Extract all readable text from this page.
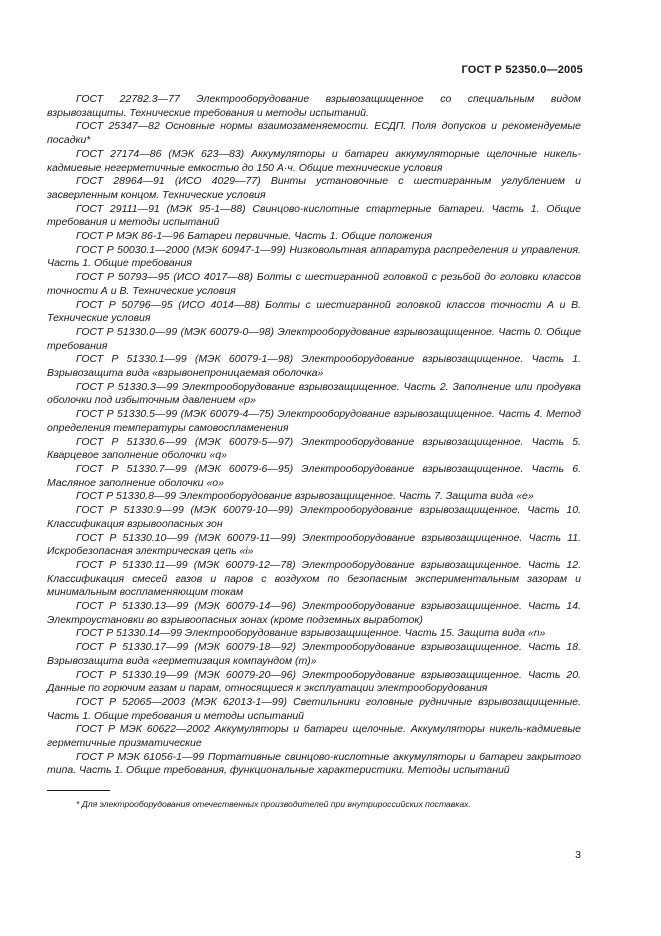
ГОСТ Р 52350.0—2005

ГОСТ 22782.3—77 Электрооборудование взрывозащищенное со специальным видом взрывозащиты. Технические требования и методы испытаний.

ГОСТ 25347—82 Основные нормы взаимозаменяемости. ЕСДП. Поля допусков и рекомендуемые посадки*

ГОСТ 27174—86 (МЭК 623—83) Аккумуляторы и батареи аккумуляторные щелочные никель-кадмиевые негерметичные емкостью до 150 А·ч. Общие технические условия

ГОСТ 28964—91 (ИСО 4029—77) Винты установочные с шестигранным углублением и засверленным концом. Технические условия

ГОСТ 29111—91 (МЭК 95-1—88) Свинцово-кислотные стартерные батареи. Часть 1. Общие требования и методы испытаний

ГОСТ Р МЭК 86-1—96 Батареи первичные. Часть 1. Общие положения

ГОСТ Р 50030.1—2000 (МЭК 60947-1—99) Низковольтная аппаратура распределения и управления. Часть 1. Общие требования

ГОСТ Р 50793—95 (ИСО 4017—88) Болты с шестигранной головкой с резьбой до головки классов точности А и В. Технические условия

ГОСТ Р 50796—95 (ИСО 4014—88) Болты с шестигранной головкой классов точности А и В. Технические условия

ГОСТ Р 51330.0—99 (МЭК 60079-0—98) Электрооборудование взрывозащищенное. Часть 0. Общие требования

ГОСТ Р 51330.1—99 (МЭК 60079-1—98) Электрооборудование взрывозащищенное. Часть 1. Взрывозащита вида «взрывонепроницаемая оболочка»

ГОСТ Р 51330.3—99 Электрооборудование взрывозащищенное. Часть 2. Заполнение или продувка оболочки под избыточным давлением «р»

ГОСТ Р 51330.5—99 (МЭК 60079-4—75) Электрооборудование взрывозащищенное. Часть 4. Метод определения температуры самовоспламенения

ГОСТ Р 51330.6—99 (МЭК 60079-5—97) Электрооборудование взрывозащищенное. Часть 5. Кварцевое заполнение оболочки «q»

ГОСТ Р 51330.7—99 (МЭК 60079-6—95) Электрооборудование взрывозащищенное. Часть 6. Масляное заполнение оболочки «о»

ГОСТ Р 51330.8—99 Электрооборудование взрывозащищенное. Часть 7. Защита вида «е»

ГОСТ Р 51330.9—99 (МЭК 60079-10—99) Электрооборудование взрывозащищенное. Часть 10. Классификация взрывоопасных зон

ГОСТ Р 51330.10—99 (МЭК 60079-11—99) Электрооборудование взрывозащищенное. Часть 11. Искробезопасная электрическая цепь «i»

ГОСТ Р 51330.11—99 (МЭК 60079-12—78) Электрооборудование взрывозащищенное. Часть 12. Классификация смесей газов и паров с воздухом по безопасным экспериментальным зазорам и минимальным воспламеняющим токам

ГОСТ Р 51330.13—99 (МЭК 60079-14—96) Электрооборудование взрывозащищенное. Часть 14. Электроустановки во взрывоопасных зонах (кроме подземных выработок)

ГОСТ Р 51330.14—99 Электрооборудование взрывозащищенное. Часть 15. Защита вида «n»

ГОСТ Р 51330.17—99 (МЭК 60079-18—92) Электрооборудование взрывозащищенное. Часть 18. Взрывозащита вида «герметизация компаундом (m)»

ГОСТ Р 51330.19—99 (МЭК 60079-20—96) Электрооборудование взрывозащищенное. Часть 20. Данные по горючим газам и парам, относящиеся к эксплуатации электрооборудования

ГОСТ Р 52065—2003 (МЭК 62013-1—99) Светильники головные рудничные взрывозащищенные. Часть 1. Общие требования и методы испытаний

ГОСТ Р МЭК 60622—2002 Аккумуляторы и батареи щелочные. Аккумуляторы никель-кадмиевые герметичные призматические

ГОСТ Р МЭК 61056-1—99 Портативные свинцово-кислотные аккумуляторы и батареи закрытого типа. Часть 1. Общие требования, функциональные характеристики. Методы испытаний

* Для электрооборудования отечественных производителей при внутрироссийских поставках.
3
